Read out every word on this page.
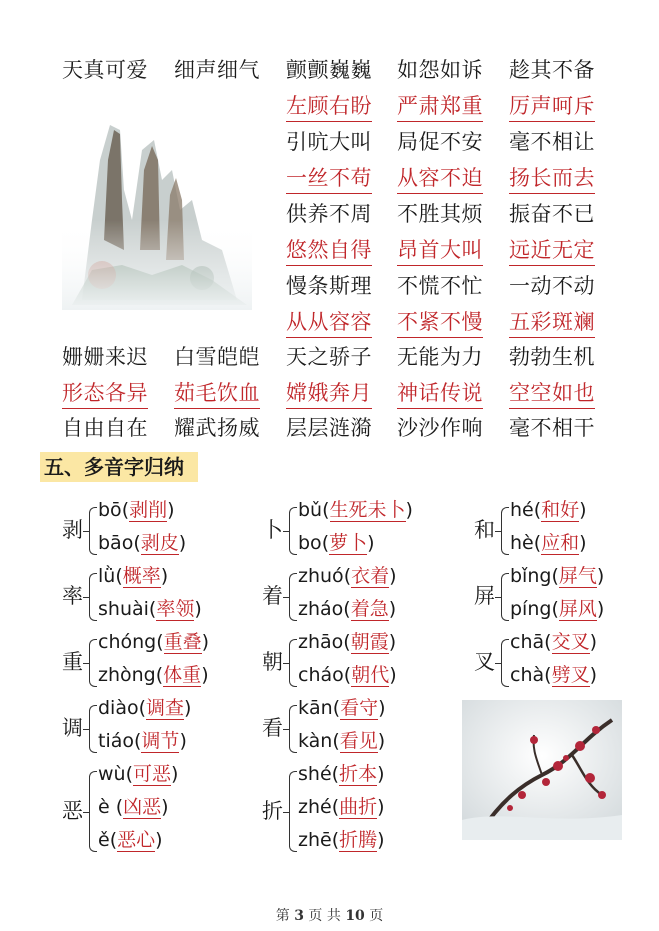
天真可爱 细声细气 颤颤巍巍 如怨如诉 趁其不备
左顾右盼 严肃郑重 厉声呵斥
引吭大叫 局促不安 毫不相让
一丝不苟 从容不迫 扬长而去
供养不周 不胜其烦 振奋不已
悠然自得 昂首大叫 远近无定
慢条斯理 不慌不忙 一动不动
从从容容 不紧不慢 五彩斑斓
姗姗来迟 白雪皑皑 天之骄子 无能为力 勃勃生机
形态各异 茹毛饮血 嫦娥奔月 神话传说 空空如也
自由自在 耀武扬威 层层涟漪 沙沙作响 毫不相干
五、多音字归纳
剥
bō(剥削)
bāo(剥皮)
卜
bǔ(生死未卜)
bo(萝卜)
和
hé(和好)
hè(应和)
率
lǜ(概率)
shuài(率领)
着
zhuó(衣着)
zháo(着急)
屏
bǐng(屏气)
píng(屏风)
重
chóng(重叠)
zhòng(体重)
朝
zhāo(朝霞)
cháo(朝代)
叉
chā(交叉)
chà(劈叉)
调
diào(调查)
tiáo(调节)
看
kān(看守)
kàn(看见)
恶
wù(可恶)
è (凶恶)
ě(恶心)
折
shé(折本)
zhé(曲折)
zhē(折腾)
第 3 页 共 10 页
